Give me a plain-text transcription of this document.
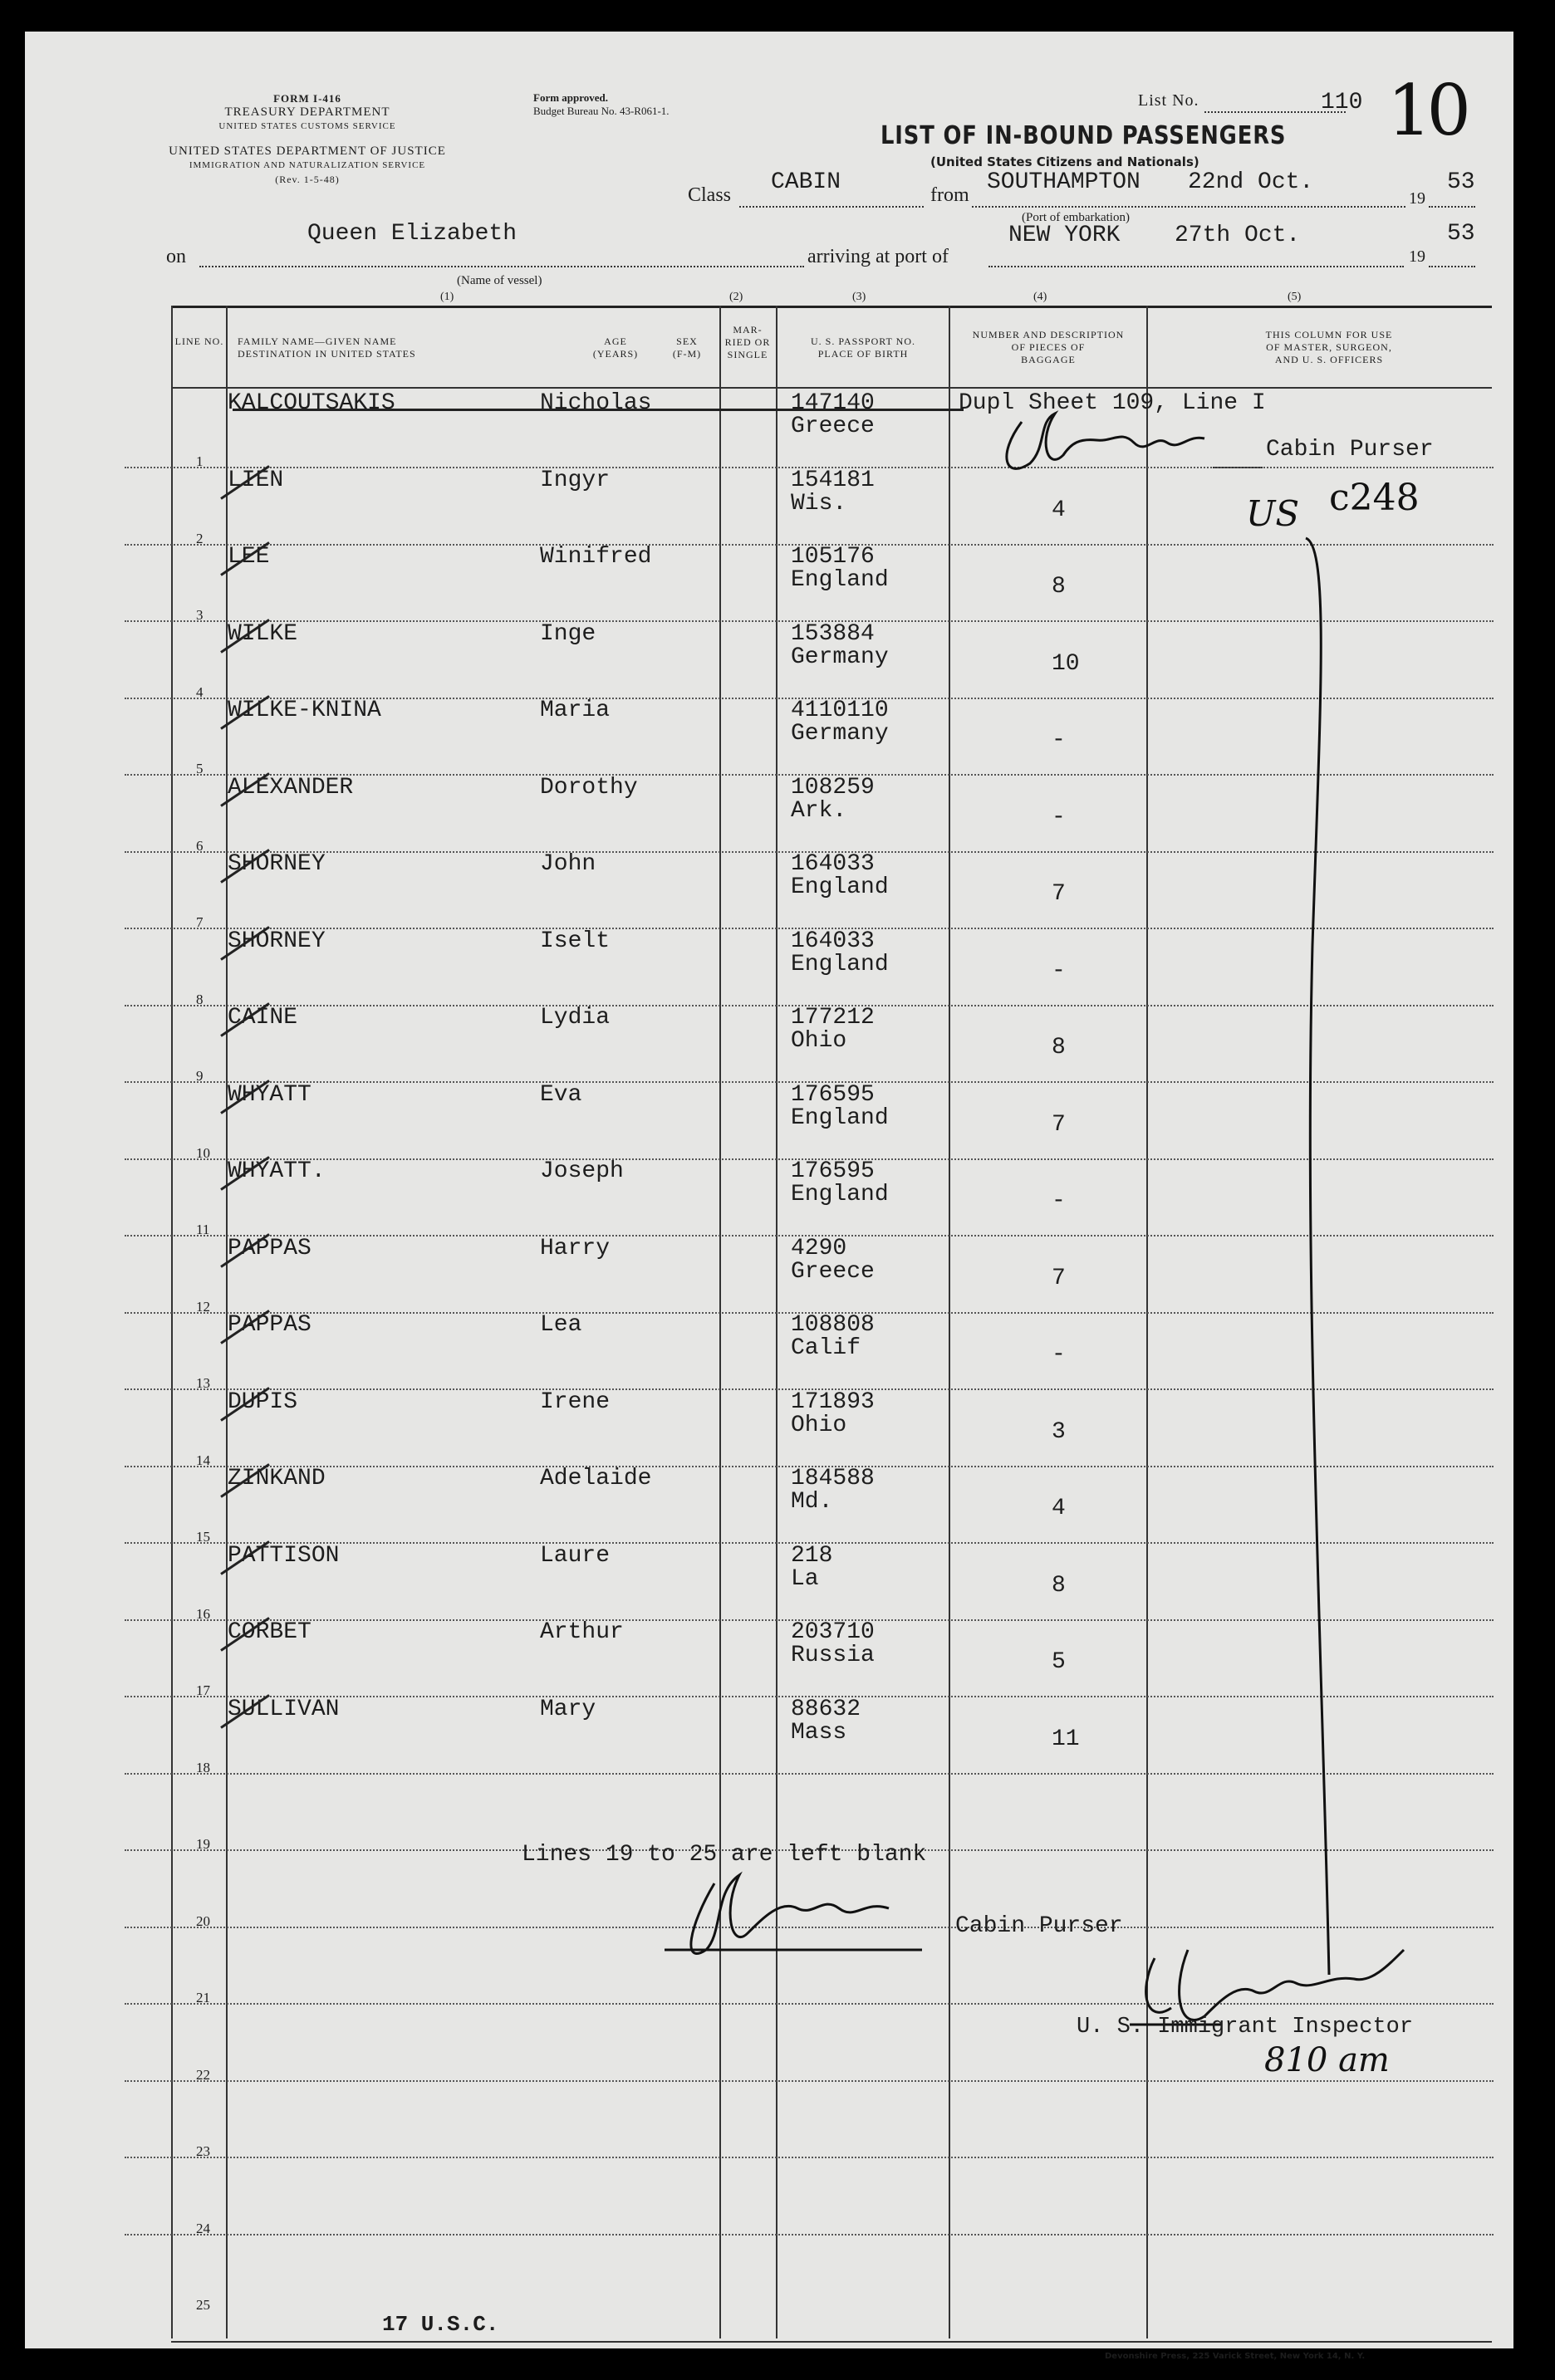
FORM I-416
TREASURY DEPARTMENT
UNITED STATES CUSTOMS SERVICE
UNITED STATES DEPARTMENT OF JUSTICE
IMMIGRATION AND NATURALIZATION SERVICE
(Rev. 1-5-48)
Form approved.
Budget Bureau No. 43-R061-1.
List No.	110 10
LIST OF IN-BOUND PASSENGERS
(United States Citizens and Nationals)
Class CABIN	from SOUTHAMPTON 22nd Oct.
19
53
(Port of embarkation)
on
Queen Elizabeth
(Name of vessel)
arriving at port of
NEW YORK 27th Oct.
19
53
(1)	(2)	(3)	(4)	(5)
LINE NO. FAMILY NAME—GIVEN NAME
DESTINATION IN UNITED STATES
AGE
(YEARS)
SEX
(F-M)
MAR-RIED OR SINGLE
U. S. PASSPORT NO.
PLACE OF BIRTH
NUMBER AND DESCRIPTION
OF PIECES OF
BAGGAGE
THIS COLUMN FOR USE
OF MASTER, SURGEON,
AND U. S. OFFICERS
1
KALCOUTSAKIS	Nicholas	147140
Greece
2
LIEN	Ingyr	154181
Wis.	4
3
LEE	Winifred	105176
England	8
4
WILKE	Inge	153884
Germany	10
5
WILKE-KNINA	Maria	4110110
Germany	-
6
ALEXANDER	Dorothy	108259
Ark.	-
7
SHORNEY	John	164033
England	7
8
SHORNEY	Iselt	164033
England	-
9
CAINE	Lydia	177212
Ohio	8
10
WHYATT	Eva	176595
England	7
11
WHYATT.	Joseph	176595
England	-
12
PAPPAS	Harry	4290
Greece	7
13
PAPPAS	Lea	108808
Calif	-
14
DUPIS	Irene	171893
Ohio	3
15
ZINKAND	Adelaide	184588
Md.	4
16
PATTISON	Laure	218
La	8
17
CORBET	Arthur	203710
Russia	5
18
SULLIVAN	Mary	88632
Mass	11
19
20
21
22
23
24
25
Dupl Sheet 109, Line I
Cabin Purser
US c248
Lines 19 to 25 are left blank
Cabin Purser
U. S. Immigrant Inspector
810 am
17 U.S.C.
Devonshire Press, 225 Varick Street, New York 14, N. Y.
